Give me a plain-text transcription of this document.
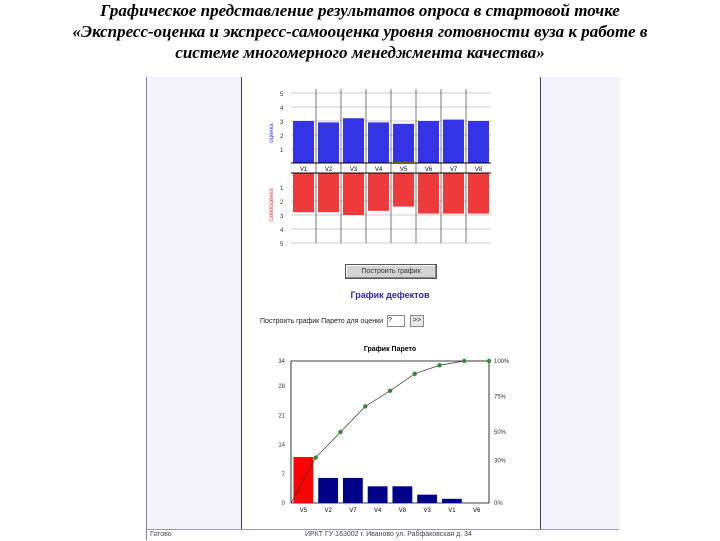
Графическое представление результатов опроса в стартовой точке
«Экспресс-оценка и экспресс-самооценка уровня готовности вуза к работе в
системе многомерного менеджмента качества»
5
4
3
2
1
1
2
3
4
5
оценка
самооценка
V1	V2	V3	V4	V5	V6	V7	V8
Построить график
График дефектов
Построить график Парето для оценки ?	>>
График Парето
34
28
21
14
7
0
100%
75%
50%
30%
0%
V5	V2	V7	V4	V8	V3	V1	V6
Готово	ИРКТ ГУ 163002 г. Иваново ул. Рабфаковская д. 34
